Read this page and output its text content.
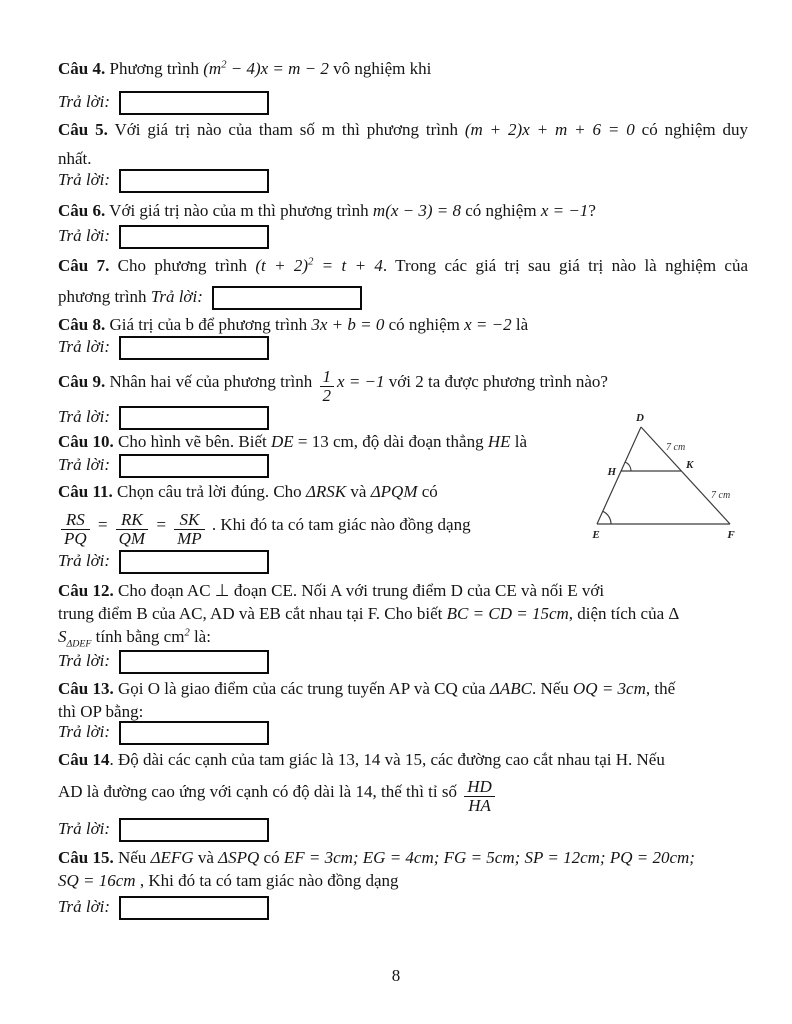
Câu 4. Phương trình $(m^2 - 4)x = m - 2$ vô nghiệm khi
Trả lời:
Câu 5. Với giá trị nào của tham số m thì phương trình (m + 2)x + m + 6 = 0 có nghiệm duy
nhất.
Trả lời:
Câu 6. Với giá trị nào của m thì phương trình m(x − 3) = 8 có nghiệm x = −1?
Trả lời:
Câu 7. Cho phương trình $(t + 2)^2 = t + 4$. Trong các giá trị sau giá trị nào là nghiệm của
phương trình Trả lời:
Câu 8. Giá trị của b để phương trình 3x + b = 0 có nghiệm x = −2 là
Trả lời:
Câu 9. Nhân hai vế của phương trình $\frac{1}{2}$ x = −1 với 2 ta được phương trình nào?
Trả lời:
Câu 10. Cho hình vẽ bên. Biết DE = 13 cm, độ dài đoạn thẳng HE là
Trả lời:
Câu 11. Chọn câu trả lời đúng. Cho ΔRSK và ΔPQM có
$\frac{RS}{PQ} = \frac{RK}{QM} = \frac{SK}{MP}$ . Khi đó ta có tam giác nào đồng dạng
Trả lời:
Câu 12. Cho đoạn AC ⊥ đoạn CE. Nối A với trung điểm D của CE và nối E với
trung điểm B của AC, AD và EB cắt nhau tại F. Cho biết BC = CD = 15cm, diện tích của Δ
$S_{\Delta DEF}$ tính bằng $cm^2$ là:
Trả lời:
Câu 13. Gọi O là giao điểm của các trung tuyến AP và CQ của ΔABC. Nếu OQ = 3cm, thế
thì OP bằng:
Trả lời:
Câu 14. Độ dài các cạnh của tam giác là 13, 14 và 15, các đường cao cắt nhau tại H. Nếu
AD là đường cao ứng với cạnh có độ dài là 14, thế thì tỉ số $\frac{HD}{HA}$
Trả lời:
Câu 15. Nếu ΔEFG và ΔSPQ có EF = 3cm; EG = 4cm; FG = 5cm; SP = 12cm; PQ = 20cm;
SQ = 16cm , Khi đó ta có tam giác nào đồng dạng
Trả lời:
D
H
K
E	F
7 cm
7 cm
8
